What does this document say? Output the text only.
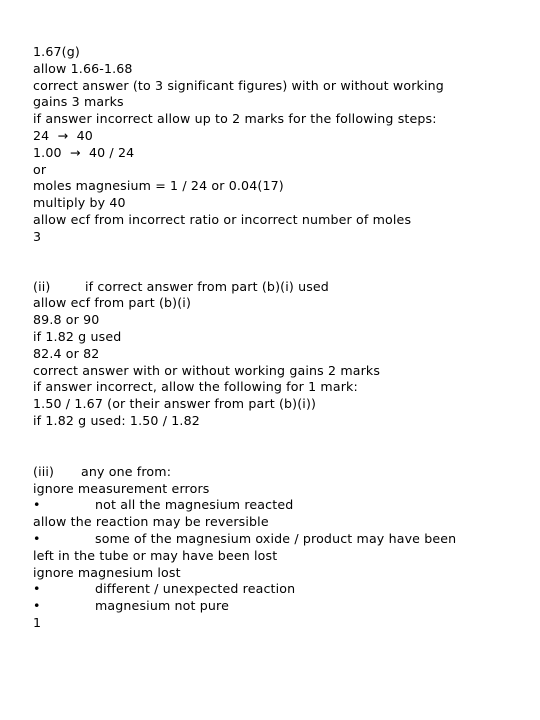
1.67(g)
allow 1.66-1.68
correct answer (to 3 significant figures) with or without working
gains 3 marks
if answer incorrect allow up to 2 marks for the following steps:
24  →  40
1.00  →  40 / 24
or
moles magnesium = 1 / 24 or 0.04(17)
multiply by 40
allow ecf from incorrect ratio or incorrect number of moles
3
(ii)	if correct answer from part (b)(i) used
allow ecf from part (b)(i)
89.8 or 90
if 1.82 g used
82.4 or 82
correct answer with or without working gains 2 marks
if answer incorrect, allow the following for 1 mark:
1.50 / 1.67 (or their answer from part (b)(i))
if 1.82 g used: 1.50 / 1.82
(iii) any one from:
ignore measurement errors
•	not all the magnesium reacted
allow the reaction may be reversible
•	some of the magnesium oxide / product may have been
left in the tube or may have been lost
ignore magnesium lost
•	different / unexpected reaction
•	magnesium not pure
1
